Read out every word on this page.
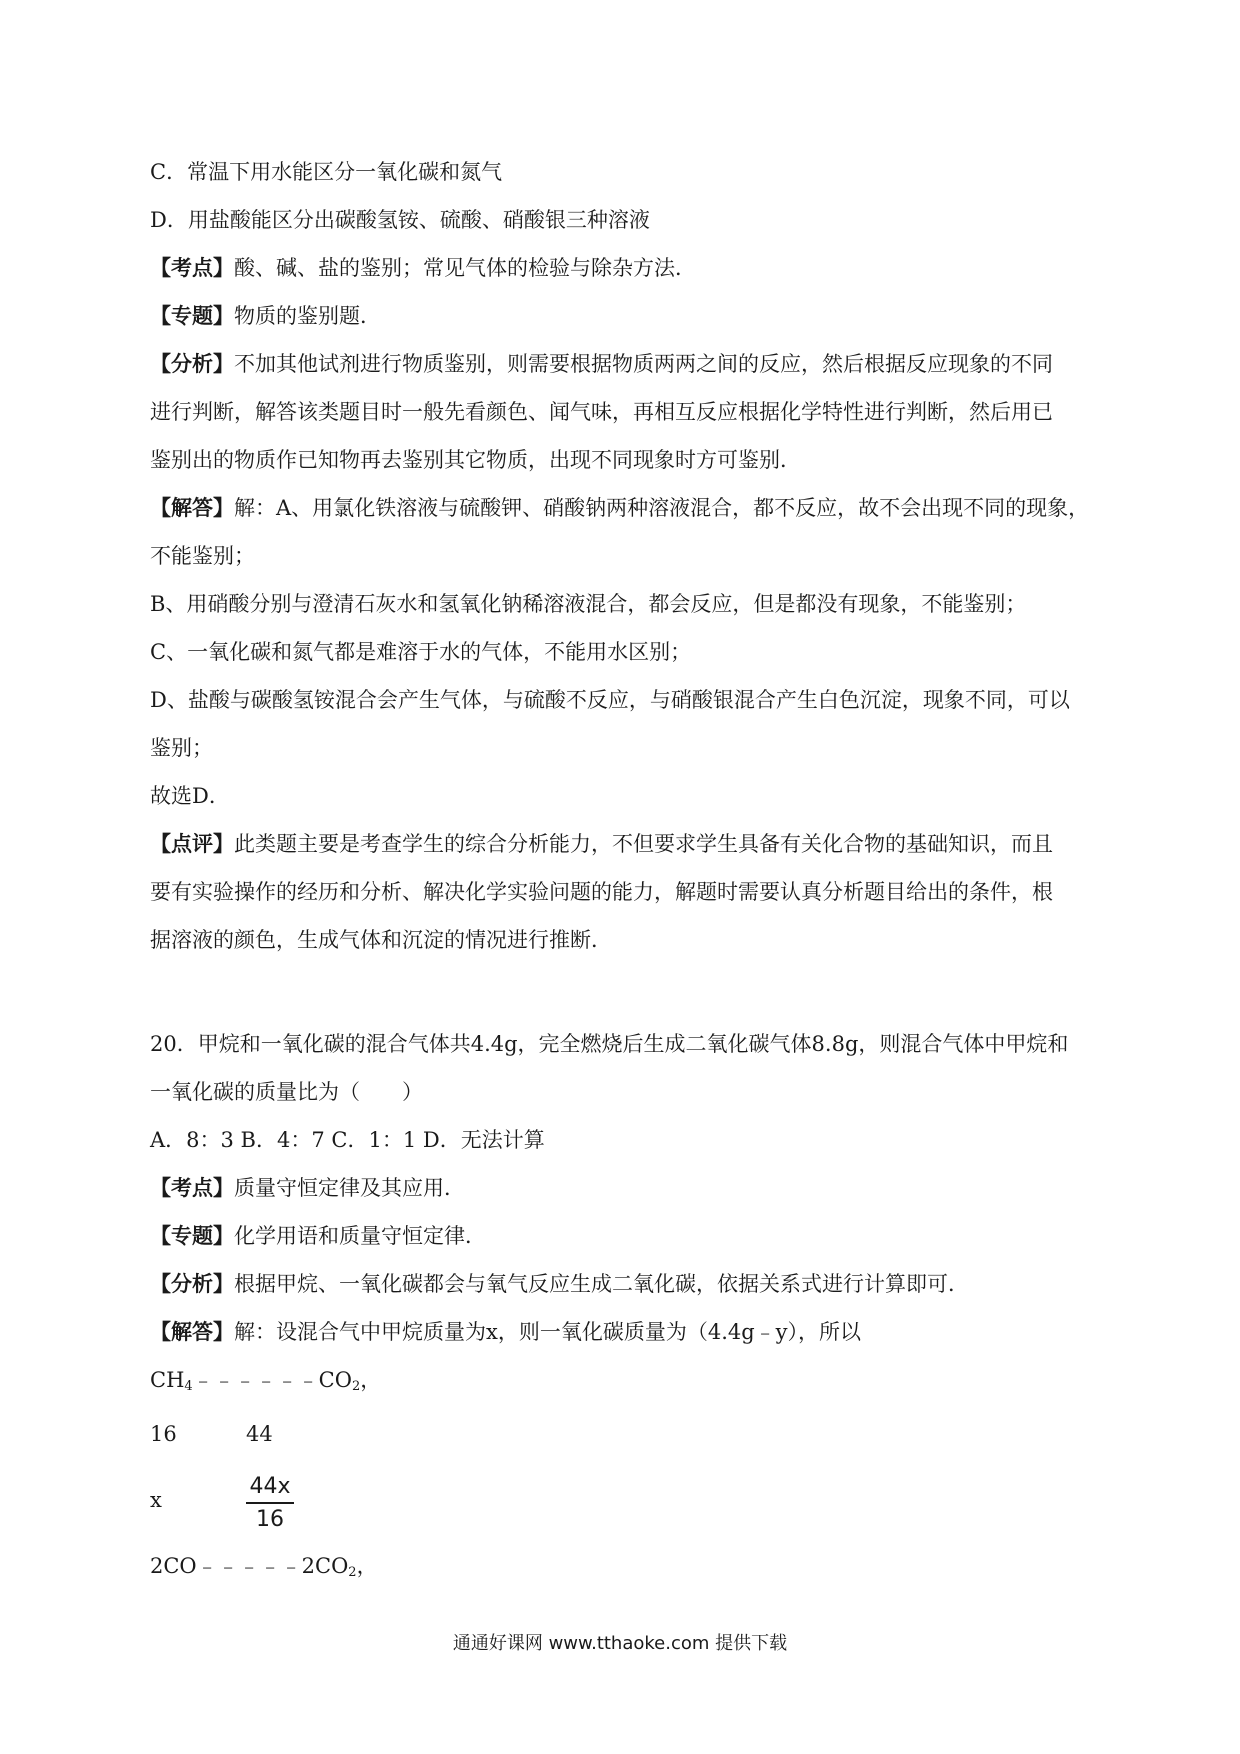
C．常温下用水能区分一氧化碳和氮气
D．用盐酸能区分出碳酸氢铵、硫酸、硝酸银三种溶液
【考点】酸、碱、盐的鉴别；常见气体的检验与除杂方法．
【专题】物质的鉴别题．
【分析】不加其他试剂进行物质鉴别，则需要根据物质两两之间的反应，然后根据反应现象的不同
进行判断，解答该类题目时一般先看颜色、闻气味，再相互反应根据化学特性进行判断，然后用已
鉴别出的物质作已知物再去鉴别其它物质，出现不同现象时方可鉴别．
【解答】解：A、用氯化铁溶液与硫酸钾、硝酸钠两种溶液混合，都不反应，故不会出现不同的现象，
不能鉴别；
B、用硝酸分别与澄清石灰水和氢氧化钠稀溶液混合，都会反应，但是都没有现象，不能鉴别；
C、一氧化碳和氮气都是难溶于水的气体，不能用水区别；
D、盐酸与碳酸氢铵混合会产生气体，与硫酸不反应，与硝酸银混合产生白色沉淀，现象不同，可以
鉴别；
故选D．
【点评】此类题主要是考查学生的综合分析能力，不但要求学生具备有关化合物的基础知识，而且
要有实验操作的经历和分析、解决化学实验问题的能力，解题时需要认真分析题目给出的条件，根
据溶液的颜色，生成气体和沉淀的情况进行推断．
20．甲烷和一氧化碳的混合气体共4.4g，完全燃烧后生成二氧化碳气体8.8g，则混合气体中甲烷和
一氧化碳的质量比为（　　）
A．8：3 B．4：7 C．1：1 D．无法计算
【考点】质量守恒定律及其应用．
【专题】化学用语和质量守恒定律．
【分析】根据甲烷、一氧化碳都会与氧气反应生成二氧化碳，依据关系式进行计算即可．
【解答】解：设混合气中甲烷质量为x，则一氧化碳质量为（4.4g﹣y），所以
$CH_4﹣﹣﹣﹣﹣﹣CO_2$，
16	44
x
44x
16
$2CO﹣﹣﹣﹣﹣2CO_2$，
通通好课网 www.tthaoke.com 提供下载
